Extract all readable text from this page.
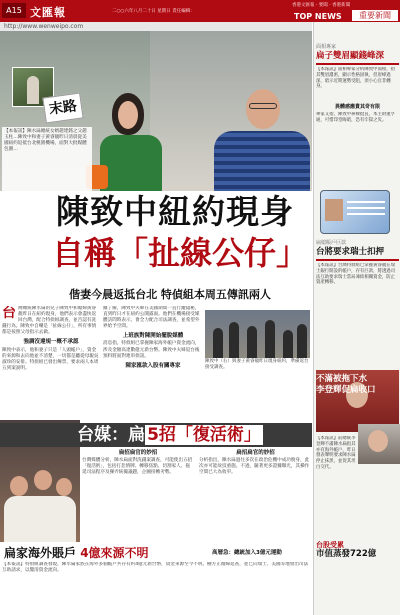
A15 文匯報	二○○六年八月二十日 星期日 責任編輯：
香港文匯報 · 要聞 · 香港新聞
TOP NEWS	重要新聞
http://www.wenweipo.com
末路
【本報訊】陳水扁總統女婿趙建銘之父趙玉柱…陳致中和妻子黃睿靚昨日清晨從美國紐約返抵台北桃園機場，面對大批媒體包圍…
陳致中紐約現身
自稱「扯線公仔」
偕妻今晨返抵台北 特偵組本周五傳訊兩人
台 灣總統陳水扁的兒子陳致中和媳婦黃睿靚昨日在紐約現身，他們表示會盡快返回台灣，配合特偵組調查，並否認有洗錢行為。陳致中自嘲是「扯線公仔」，所有事情都是按照父母指示去做。
強調沒違規一概不承認
陳致中表示，他和妻子只是「人頭帳戶」，資金的來源和去向他並不清楚，一切都是聽從母親吳淑珍的安排。特偵組已發出傳票，要求兩人本周五到案說明。
據了解，陳致中夫婦在美國期間一直行蹤隱秘，直到昨日才在紐約公開露面。他們在機場接受媒體訪問時表示，會全力配合司法調查，並希望外界給予空間。
上班族對陳開始擺脫媒體
消息指，特偵組已掌握陳家海外帳戶資金流向，涉及金額高達數億元新台幣。陳致中夫婦返台後預料將面對連串偵訊。
陳家匯款入股有關專家
陳致中（右）與妻子黃睿靚昨日現身紐約，準備返台接受調查。
台媒：扁 5招「復活術」
扁招扁官的妙招
台灣媒體分析，陳水扁面對洗錢案調查，可能使出五招「復活術」，包括打悲情牌、轉移焦點、切割家人、拖延司法程序及操弄統獨議題，企圖扭轉劣勢。
扁招扁官的妙招
分析指出，陳水扁過往多次在政治危機中成功脫身，此次亦可能故技重施。不過，隨著更多證據曝光，其操作空間已大為收窄。
扁家海外賬戶 4億來源不明	高層急：總統加入3億元運動
【本報訊】特偵組調查發現，陳水扁家族在海外多個帳戶共存有約4億元新台幣，資金來源至今不明。檢方正循線追查，並已向瑞士、美國等地發出司法互助請求，以釐清資金流向。
面相專家
扁子雙眉顯錢峰深
【本報訊】面相專家分析陳致中面相，指其雙眉濃密，顯示性格固執，但眉峰過深，暗示近期運勢受阻，須小心官非纏身。
異體感應貴其奇有限
專家又指，陳致中鼻樑挺直，本主財運亨通，可惜印堂晦暗，恐有牢獄之災。
扁媳賬戶巨款
台將要求瑞士扣押
【本報訊】台灣特偵組已掌握黃睿靚在瑞士銀行開設的帳戶，存有巨款，將透過司法互助要求瑞士當局凍結相關資金，防止資產轉移。
不滿被拖下水
李登輝促扁收口
【本報訊】前總統李登輝不滿陳水扁指其亦有海外帳戶，昨日發表聲明要求陳水扁停止抹黑，並促其坦白交代。
台股受累
市值蒸發722億
